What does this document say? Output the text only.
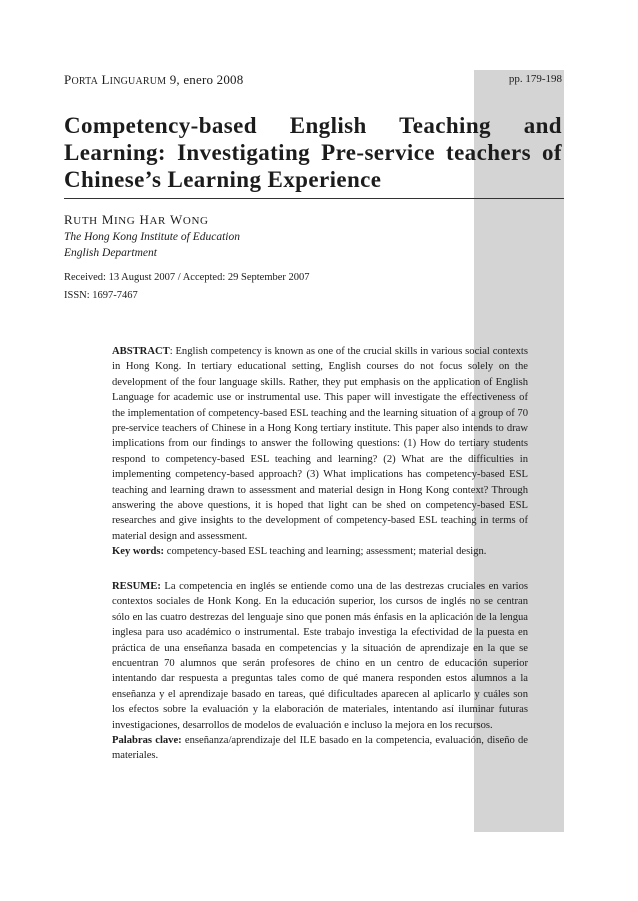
PORTA LINGUARUM 9, enero 2008	pp. 179-198
Competency-based English Teaching and Learning: Investigating Pre-service teachers of Chinese’s Learning Experience
RUTH MING HAR WONG
The Hong Kong Institute of Education
English Department
Received: 13 August 2007 / Accepted: 29 September 2007
ISSN: 1697-7467

ABSTRACT: English competency is known as one of the crucial skills in various social contexts in Hong Kong. In tertiary educational setting, English courses do not focus solely on the development of the four language skills. Rather, they put emphasis on the application of English Language for academic use or instrumental use. This paper will investigate the effectiveness of the implementation of competency-based ESL teaching and the learning situation of a group of 70 pre-service teachers of Chinese in a Hong Kong tertiary institute. This paper also intends to draw implications from our findings to answer the following questions: (1) How do tertiary students respond to competency-based ESL teaching and learning? (2) What are the difficulties in implementing competency-based approach? (3) What implications has competency-based ESL teaching and learning drawn to assessment and material design in Hong Kong context? Through answering the above questions, it is hoped that light can be shed on competency-based ESL researches and give insights to the development of competency-based ESL teaching in terms of material design and assessment.

Key words: competency-based ESL teaching and learning; assessment; material design.

RESUME: La competencia en inglés se entiende como una de las destrezas cruciales en varios contextos sociales de Honk Kong. En la educación superior, los cursos de inglés no se centran sólo en las cuatro destrezas del lenguaje sino que ponen más énfasis en la aplicación de la lengua inglesa para uso académico o instrumental. Este trabajo investiga la efectividad de la puesta en práctica de una enseñanza basada en competencias y la situación de aprendizaje en la que se encuentran 70 alumnos que serán profesores de chino en un centro de educación superior intentando dar respuesta a preguntas tales como de qué manera responden estos alumnos a la enseñanza y el aprendizaje basado en tareas, qué dificultades aparecen al aplicarlo y cuáles son los efectos sobre la evaluación y la elaboración de materiales, intentando así iluminar futuras investigaciones, desarrollos de modelos de evaluación e incluso la mejora en los recursos.

Palabras clave: enseñanza/aprendizaje del ILE basado en la competencia, evaluación, diseño de materiales.
